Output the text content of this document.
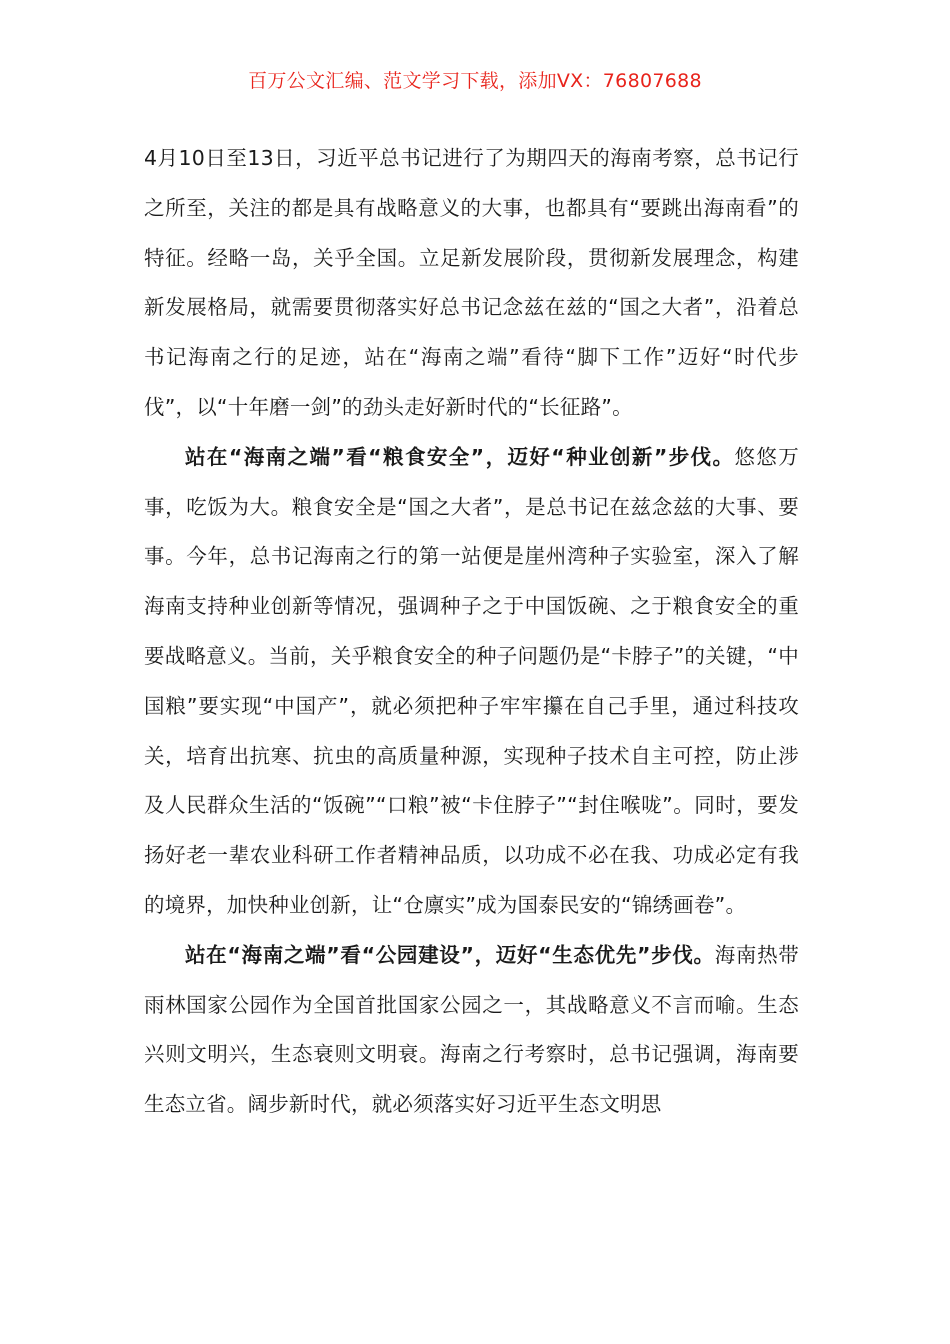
百万公文汇编、范文学习下载，添加VX：76807688

4月10日至13日，习近平总书记进行了为期四天的海南考察，总书记行之所至，关注的都是具有战略意义的大事，也都具有“要跳出海南看”的特征。经略一岛，关乎全国。立足新发展阶段，贯彻新发展理念，构建新发展格局，就需要贯彻落实好总书记念兹在兹的“国之大者”，沿着总书记海南之行的足迹，站在“海南之端”看待“脚下工作”迈好“时代步伐”，以“十年磨一剑”的劲头走好新时代的“长征路”。

站在“海南之端”看“粮食安全”，迈好“种业创新”步伐。悠悠万事，吃饭为大。粮食安全是“国之大者”，是总书记在兹念兹的大事、要事。今年，总书记海南之行的第一站便是崖州湾种子实验室，深入了解海南支持种业创新等情况，强调种子之于中国饭碗、之于粮食安全的重要战略意义。当前，关乎粮食安全的种子问题仍是“卡脖子”的关键，“中国粮”要实现“中国产”，就必须把种子牢牢攥在自己手里，通过科技攻关，培育出抗寒、抗虫的高质量种源，实现种子技术自主可控，防止涉及人民群众生活的“饭碗”“口粮”被“卡住脖子”“封住喉咙”。同时，要发扬好老一辈农业科研工作者精神品质，以功成不必在我、功成必定有我的境界，加快种业创新，让“仓廪实”成为国泰民安的“锦绣画卷”。

站在“海南之端”看“公园建设”，迈好“生态优先”步伐。海南热带雨林国家公园作为全国首批国家公园之一，其战略意义不言而喻。生态兴则文明兴，生态衰则文明衰。海南之行考察时，总书记强调，海南要生态立省。阔步新时代，就必须落实好习近平生态文明思
